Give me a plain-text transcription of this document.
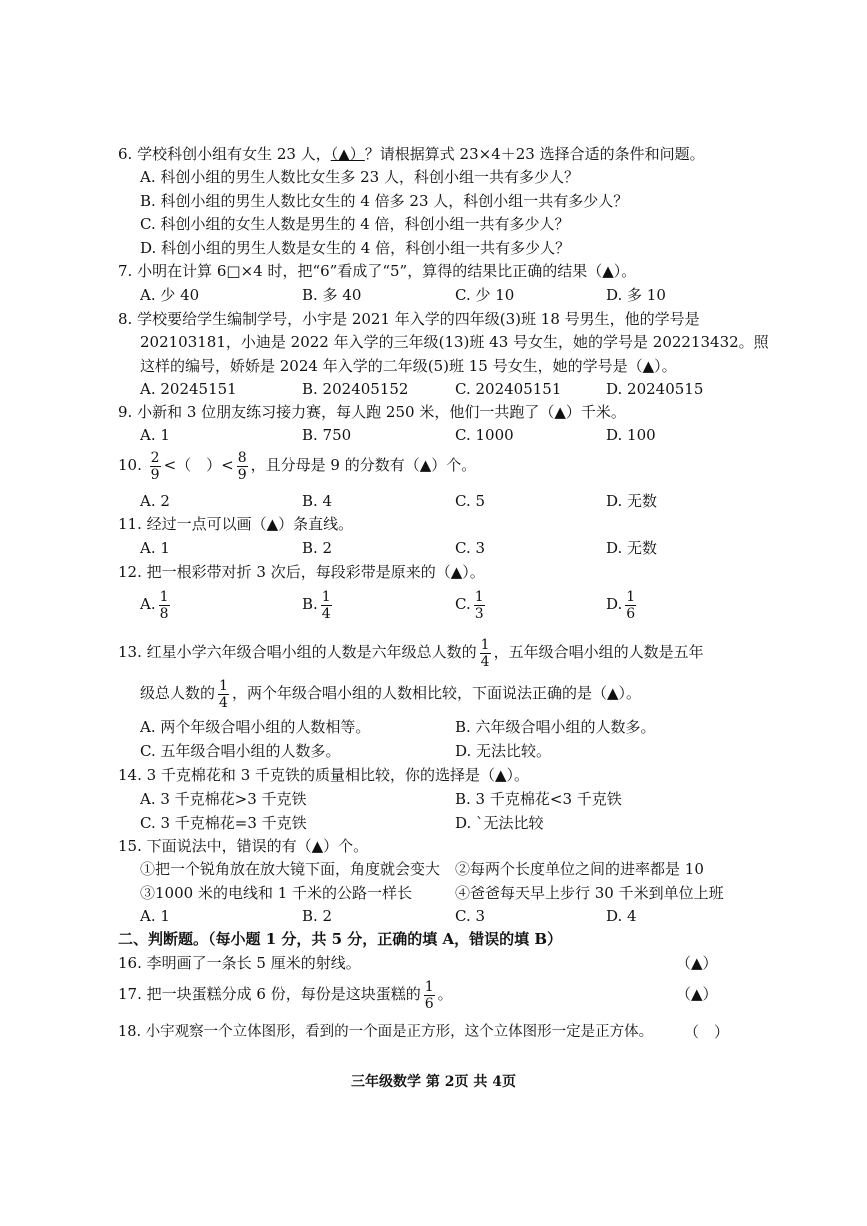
6. 学校科创小组有女生 23 人，（▲）？请根据算式 23×4＋23 选择合适的条件和问题。
A. 科创小组的男生人数比女生多 23 人，科创小组一共有多少人？
B. 科创小组的男生人数比女生的 4 倍多 23 人，科创小组一共有多少人？
C. 科创小组的女生人数是男生的 4 倍，科创小组一共有多少人？
D. 科创小组的男生人数是女生的 4 倍，科创小组一共有多少人？
7. 小明在计算 6□×4 时，把“6”看成了“5”，算得的结果比正确的结果（▲）。
A. 少 40	B. 多 40	C. 少 10	D. 多 10
8. 学校要给学生编制学号，小宇是 2021 年入学的四年级(3)班 18 号男生，他的学号是
202103181，小迪是 2022 年入学的三年级(13)班 43 号女生，她的学号是 202213432。照
这样的编号，娇娇是 2024 年入学的二年级(5)班 15 号女生，她的学号是（▲）。
A. 20245151	B. 202405152	C. 202405151	D. 20240515
9. 小新和 3 位朋友练习接力赛，每人跑 250 米，他们一共跑了（▲）千米。
A. 1	B. 750	C. 1000	D. 100
10. $\frac{2}{9}$ <（　）< $\frac{8}{9}$ ，且分母是 9 的分数有（▲）个。
A. 2	B. 4	C. 5	D. 无数
11. 经过一点可以画（▲）条直线。
A. 1	B. 2	C. 3	D. 无数
12. 把一根彩带对折 3 次后，每段彩带是原来的（▲）。
A. $\frac{1}{8}$	B. $\frac{1}{4}$	C. $\frac{1}{3}$	D. $\frac{1}{6}$
13. 红星小学六年级合唱小组的人数是六年级总人数的 $\frac{1}{4}$ ，五年级合唱小组的人数是五年
级总人数的 $\frac{1}{4}$ ，两个年级合唱小组的人数相比较，下面说法正确的是（▲）。
A. 两个年级合唱小组的人数相等。	B. 六年级合唱小组的人数多。
C. 五年级合唱小组的人数多。	D. 无法比较。
14. 3 千克棉花和 3 千克铁的质量相比较，你的选择是（▲）。
A. 3 千克棉花>3 千克铁	B. 3 千克棉花<3 千克铁
C. 3 千克棉花=3 千克铁	D. `无法比较
15. 下面说法中，错误的有（▲）个。
①把一个锐角放在放大镜下面，角度就会变大 ②每两个长度单位之间的进率都是 10
③1000 米的电线和 1 千米的公路一样长	④爸爸每天早上步行 30 千米到单位上班
A. 1	B. 2	C. 3	D. 4
二、判断题。（每小题 1 分，共 5 分，正确的填 A，错误的填 B）
16. 李明画了一条长 5 厘米的射线。	（▲）
17. 把一块蛋糕分成 6 份，每份是这块蛋糕的 $\frac{1}{6}$ 。	（▲）
18. 小宇观察一个立体图形，看到的一个面是正方形，这个立体图形一定是正方体。 （　）
三年级数学 第 2页 共 4页
